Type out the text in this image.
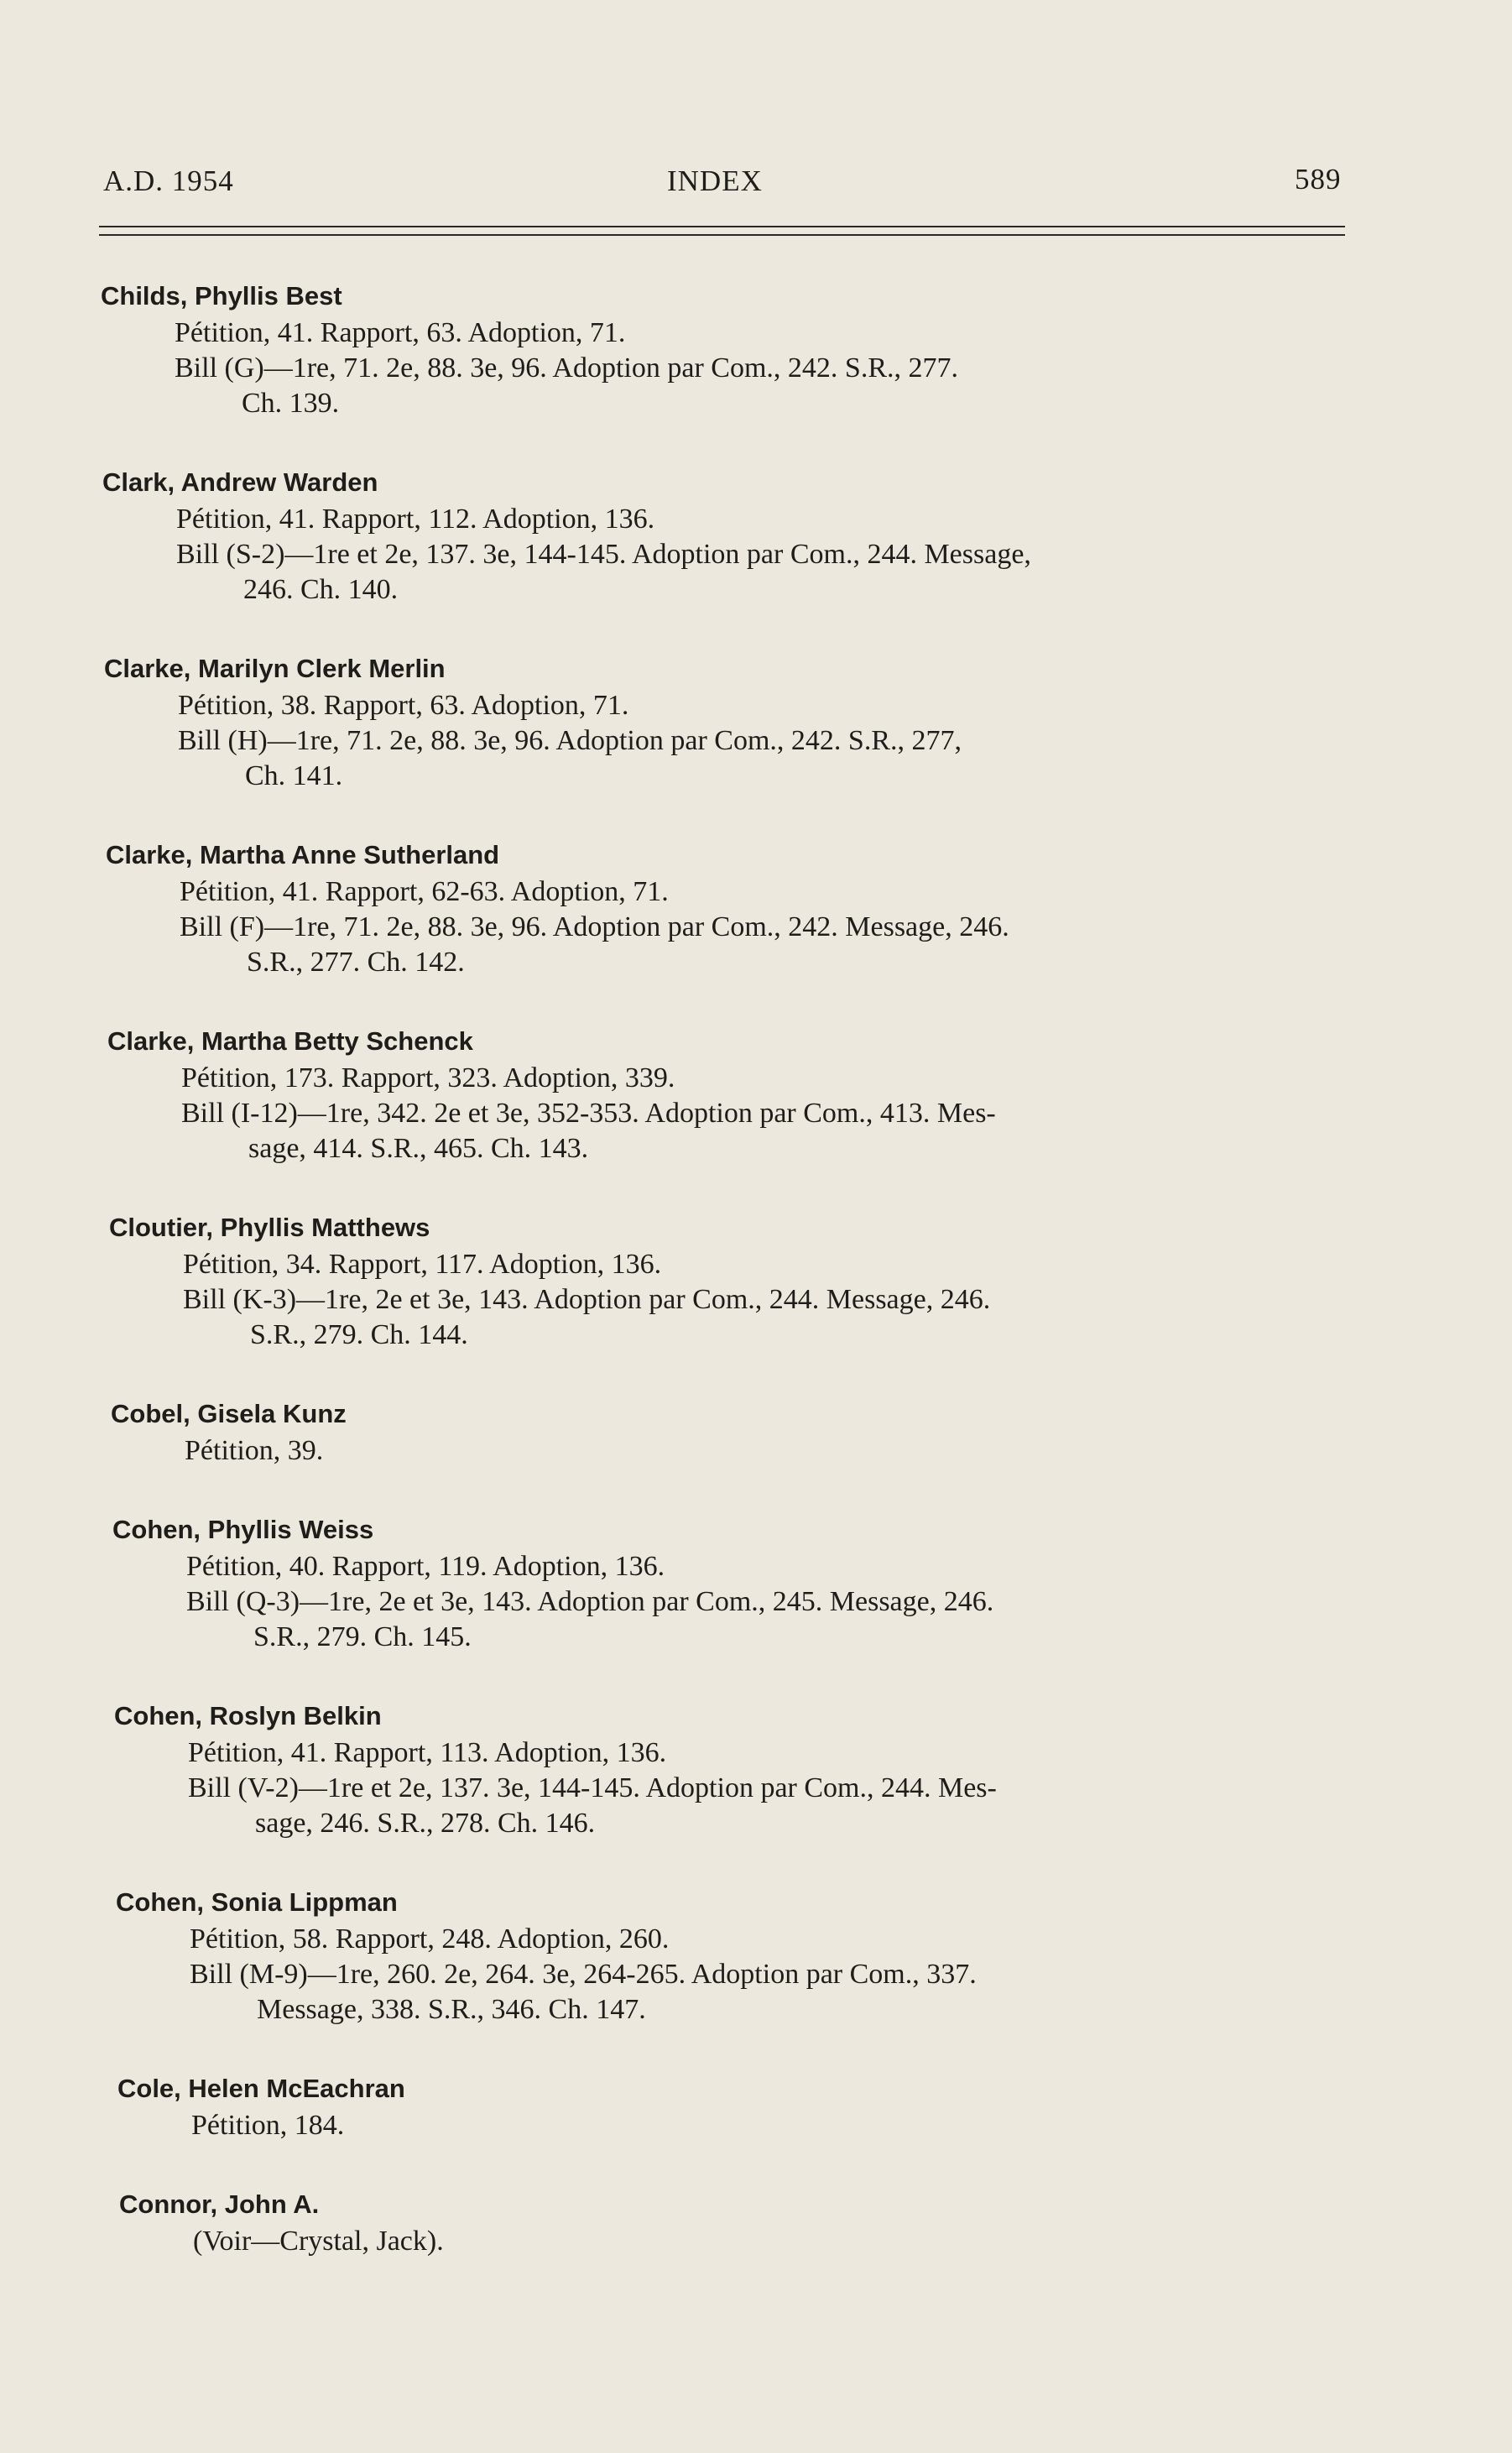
A.D. 1954	INDEX	589
Childs, Phyllis Best
Pétition, 41. Rapport, 63. Adoption, 71.
Bill (G)—1re, 71. 2e, 88. 3e, 96. Adoption par Com., 242. S.R., 277.
Ch. 139.
Clark, Andrew Warden
Pétition, 41. Rapport, 112. Adoption, 136.
Bill (S-2)—1re et 2e, 137. 3e, 144-145. Adoption par Com., 244. Message,
246. Ch. 140.
Clarke, Marilyn Clerk Merlin
Pétition, 38. Rapport, 63. Adoption, 71.
Bill (H)—1re, 71. 2e, 88. 3e, 96. Adoption par Com., 242. S.R., 277,
Ch. 141.
Clarke, Martha Anne Sutherland
Pétition, 41. Rapport, 62-63. Adoption, 71.
Bill (F)—1re, 71. 2e, 88. 3e, 96. Adoption par Com., 242. Message, 246.
S.R., 277. Ch. 142.
Clarke, Martha Betty Schenck
Pétition, 173. Rapport, 323. Adoption, 339.
Bill (I-12)—1re, 342. 2e et 3e, 352-353. Adoption par Com., 413. Mes-
sage, 414. S.R., 465. Ch. 143.
Cloutier, Phyllis Matthews
Pétition, 34. Rapport, 117. Adoption, 136.
Bill (K-3)—1re, 2e et 3e, 143. Adoption par Com., 244. Message, 246.
S.R., 279. Ch. 144.
Cobel, Gisela Kunz
Pétition, 39.
Cohen, Phyllis Weiss
Pétition, 40. Rapport, 119. Adoption, 136.
Bill (Q-3)—1re, 2e et 3e, 143. Adoption par Com., 245. Message, 246.
S.R., 279. Ch. 145.
Cohen, Roslyn Belkin
Pétition, 41. Rapport, 113. Adoption, 136.
Bill (V-2)—1re et 2e, 137. 3e, 144-145. Adoption par Com., 244. Mes-
sage, 246. S.R., 278. Ch. 146.
Cohen, Sonia Lippman
Pétition, 58. Rapport, 248. Adoption, 260.
Bill (M-9)—1re, 260. 2e, 264. 3e, 264-265. Adoption par Com., 337.
Message, 338. S.R., 346. Ch. 147.
Cole, Helen McEachran
Pétition, 184.
Connor, John A.
(Voir—Crystal, Jack).
